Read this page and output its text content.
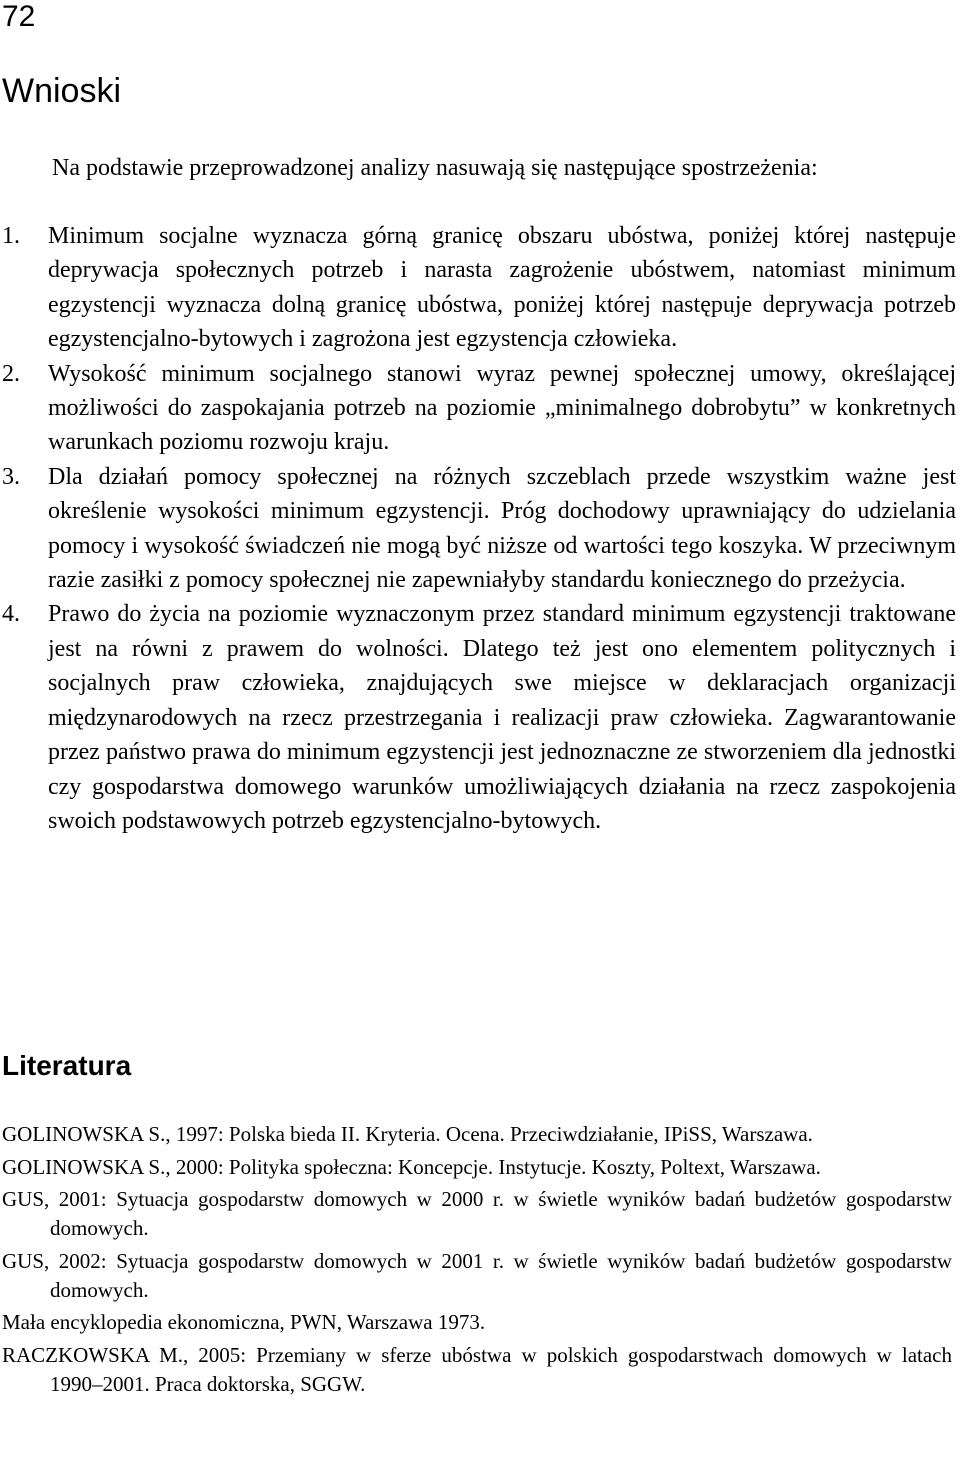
72
Wnioski

Na podstawie przeprowadzonej analizy nasuwają się następujące spostrzeżenia:

1. Minimum socjalne wyznacza górną granicę obszaru ubóstwa, poniżej której następuje deprywacja społecznych potrzeb i narasta zagrożenie ubóstwem, natomiast minimum egzystencji wyznacza dolną granicę ubóstwa, poniżej której następuje deprywacja potrzeb egzystencjalno-bytowych i zagrożona jest egzystencja człowieka.
2. Wysokość minimum socjalnego stanowi wyraz pewnej społecznej umowy, określającej możliwości do zaspokajania potrzeb na poziomie „minimalnego dobrobytu” w konkretnych warunkach poziomu rozwoju kraju.
3. Dla działań pomocy społecznej na różnych szczeblach przede wszystkim ważne jest określenie wysokości minimum egzystencji. Próg dochodowy uprawniający do udzielania pomocy i wysokość świadczeń nie mogą być niższe od wartości tego koszyka. W przeciwnym razie zasiłki z pomocy społecznej nie zapewniałyby standardu koniecznego do przeżycia.
4. Prawo do życia na poziomie wyznaczonym przez standard minimum egzystencji traktowane jest na równi z prawem do wolności. Dlatego też jest ono elementem politycznych i socjalnych praw człowieka, znajdujących swe miejsce w deklaracjach organizacji międzynarodowych na rzecz przestrzegania i realizacji praw człowieka. Zagwarantowanie przez państwo prawa do minimum egzystencji jest jednoznaczne ze stworzeniem dla jednostki czy gospodarstwa domowego warunków umożliwiających działania na rzecz zaspokojenia swoich podstawowych potrzeb egzystencjalno-bytowych.
Literatura
GOLINOWSKA S., 1997: Polska bieda II. Kryteria. Ocena. Przeciwdziałanie, IPiSS, Warszawa.
GOLINOWSKA S., 2000: Polityka społeczna: Koncepcje. Instytucje. Koszty, Poltext, Warszawa.
GUS, 2001: Sytuacja gospodarstw domowych w 2000 r. w świetle wyników badań budżetów gospodarstw domowych.
GUS, 2002: Sytuacja gospodarstw domowych w 2001 r. w świetle wyników badań budżetów gospodarstw domowych.
Mała encyklopedia ekonomiczna, PWN, Warszawa 1973.
RACZKOWSKA M., 2005: Przemiany w sferze ubóstwa w polskich gospodarstwach domowych w latach 1990–2001. Praca doktorska, SGGW.
